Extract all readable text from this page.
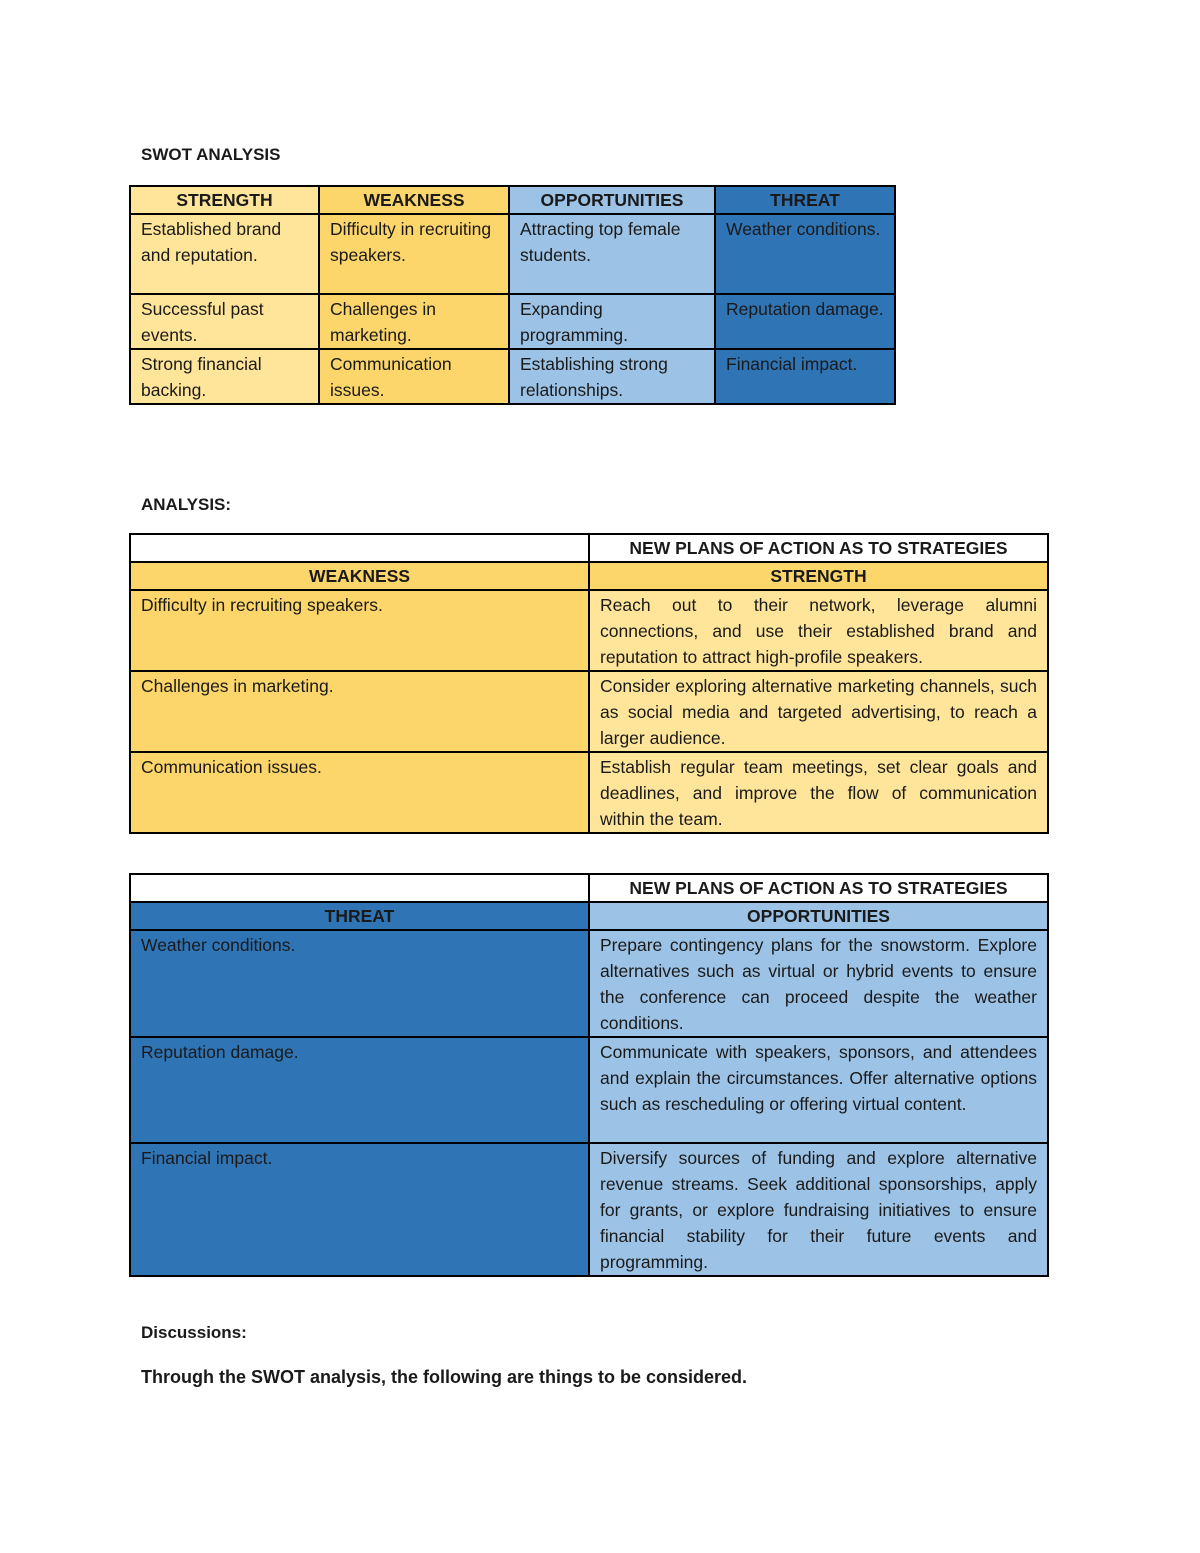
SWOT ANALYSIS
STRENGTH	WEAKNESS	OPPORTUNITIES	THREAT
Established brand and reputation.	Difficulty in recruiting speakers.	Attracting top female students.	Weather conditions.
Successful past events.	Challenges in marketing.	Expanding programming.	Reputation damage.
Strong financial backing.	Communication issues.	Establishing strong relationships.	Financial impact.
ANALYSIS:
	NEW PLANS OF ACTION AS TO STRATEGIES
WEAKNESS	STRENGTH
Difficulty in recruiting speakers.	Reach out to their network, leverage alumni connections, and use their established brand and reputation to attract high-profile speakers.
Challenges in marketing.	Consider exploring alternative marketing channels, such as social media and targeted advertising, to reach a larger audience.
Communication issues.	Establish regular team meetings, set clear goals and deadlines, and improve the flow of communication within the team.
	NEW PLANS OF ACTION AS TO STRATEGIES
THREAT	OPPORTUNITIES
Weather conditions.	Prepare contingency plans for the snowstorm. Explore alternatives such as virtual or hybrid events to ensure the conference can proceed despite the weather conditions.
Reputation damage.	Communicate with speakers, sponsors, and attendees and explain the circumstances. Offer alternative options such as rescheduling or offering virtual content.
Financial impact.	Diversify sources of funding and explore alternative revenue streams. Seek additional sponsorships, apply for grants, or explore fundraising initiatives to ensure financial stability for their future events and programming.
Discussions:
Through the SWOT analysis, the following are things to be considered.
